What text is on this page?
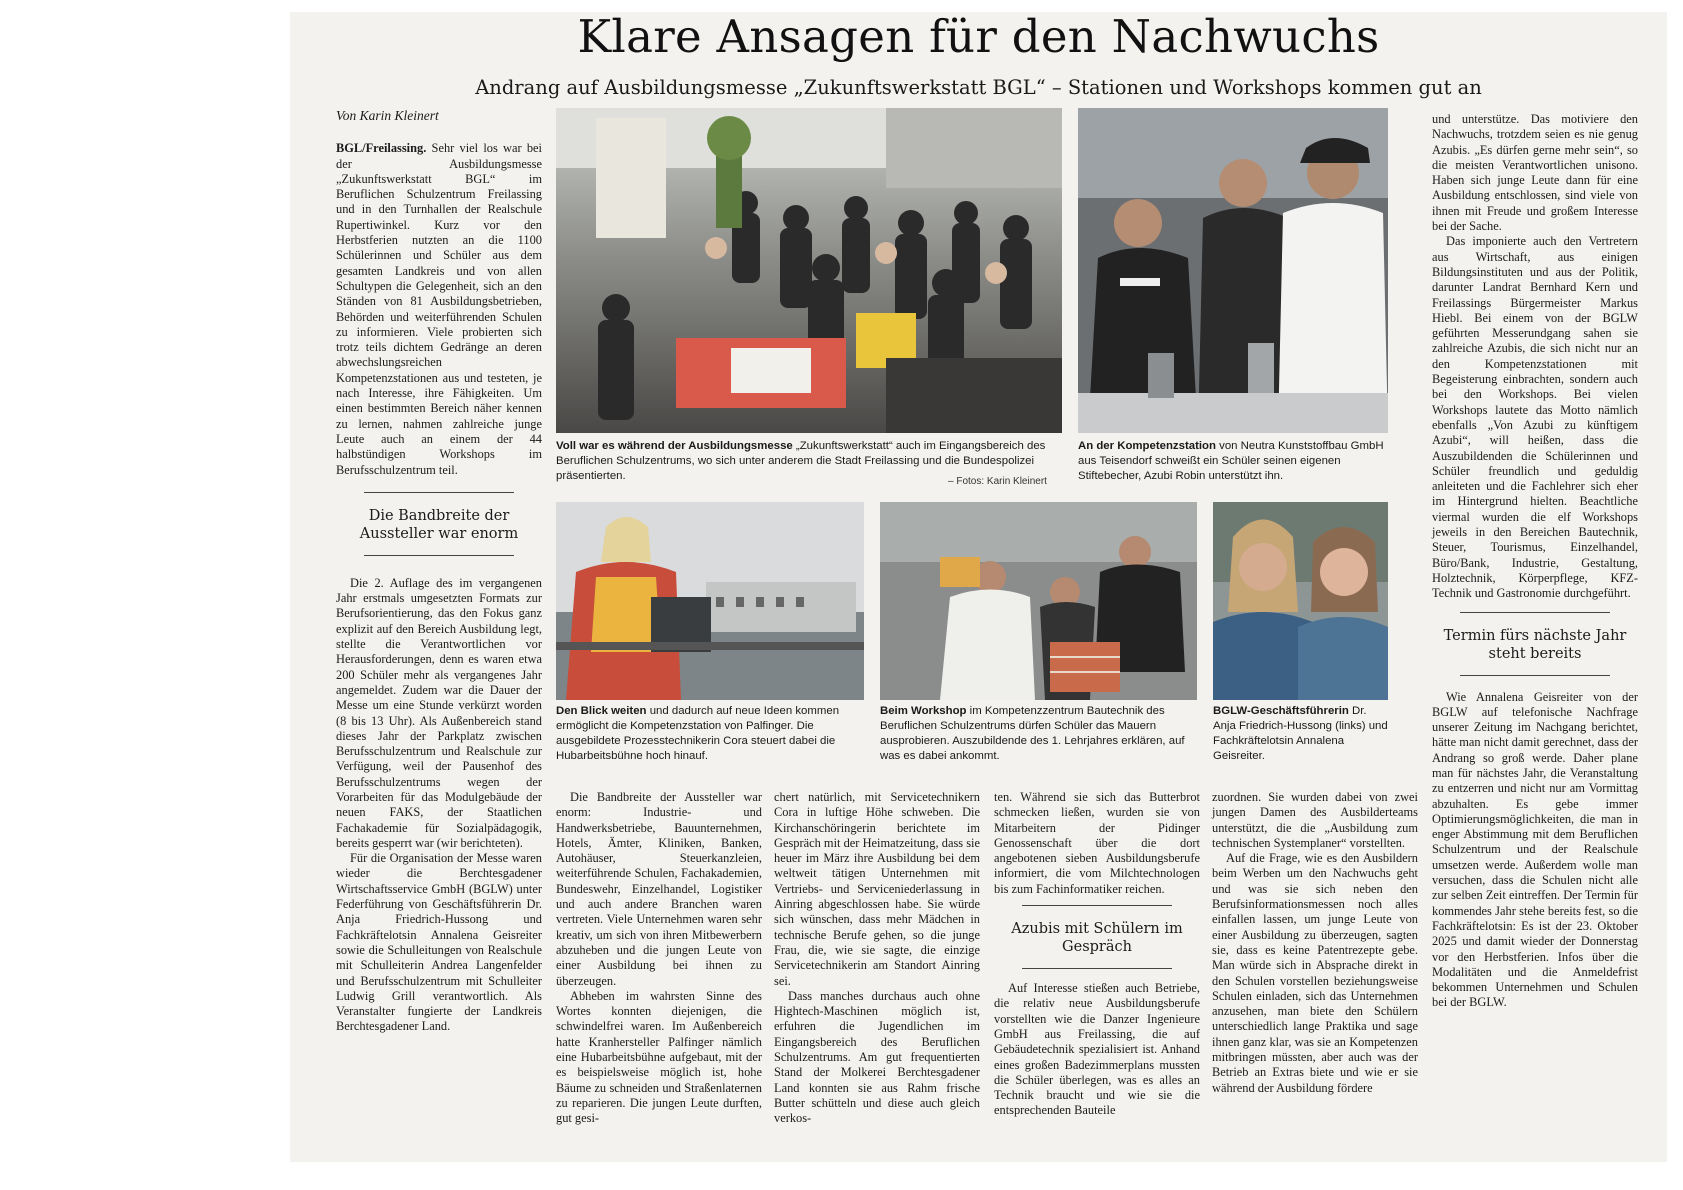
Klare Ansagen für den Nachwuchs
Andrang auf Ausbildungsmesse „Zukunftswerkstatt BGL“ – Stationen und Workshops kommen gut an
Von Karin Kleinert

BGL/Freilassing. Sehr viel los war bei der Ausbildungsmesse „Zukunftswerkstatt BGL“ im Beruflichen Schulzentrum Freilassing und in den Turnhallen der Realschule Rupertiwinkel. Kurz vor den Herbstferien nutzten an die 1100 Schülerinnen und Schüler aus dem gesamten Landkreis und von allen Schultypen die Gelegenheit, sich an den Ständen von 81 Ausbildungsbetrieben, Behörden und weiterführenden Schulen zu informieren. Viele probierten sich trotz teils dichtem Gedränge an deren abwechslungsreichen Kompetenzstationen aus und testeten, je nach Interesse, ihre Fähigkeiten. Um einen bestimmten Bereich näher kennen zu lernen, nahmen zahlreiche junge Leute auch an einem der 44 halbstündigen Workshops im Berufsschulzentrum teil.

Die Bandbreite der Aussteller war enorm

Die 2. Auflage des im vergangenen Jahr erstmals umgesetzten Formats zur Berufsorientierung, das den Fokus ganz explizit auf den Bereich Ausbildung legt, stellte die Verantwortlichen vor Herausforderungen, denn es waren etwa 200 Schüler mehr als vergangenes Jahr angemeldet. Zudem war die Dauer der Messe um eine Stunde verkürzt worden (8 bis 13 Uhr). Als Außenbereich stand dieses Jahr der Parkplatz zwischen Berufsschulzentrum und Realschule zur Verfügung, weil der Pausenhof des Berufsschulzentrums wegen der Vorarbeiten für das Modulgebäude der neuen FAKS, der Staatlichen Fachakademie für Sozialpädagogik, bereits gesperrt war (wir berichteten).

Für die Organisation der Messe waren wieder die Berchtesgadener Wirtschaftsservice GmbH (BGLW) unter Federführung von Geschäftsführerin Dr. Anja Friedrich-Hussong und Fachkräftelotsin Annalena Geisreiter sowie die Schulleitungen von Realschule mit Schulleiterin Andrea Langenfelder und Berufsschulzentrum mit Schulleiter Ludwig Grill verantwortlich. Als Veranstalter fungierte der Landkreis Berchtesgadener Land.

Voll war es während der Ausbildungsmesse „Zukunftswerkstatt“ auch im Eingangsbereich des Beruflichen Schulzentrums, wo sich unter anderem die Stadt Freilassing und die Bundespolizei präsentierten.	– Fotos: Karin Kleinert
An der Kompetenzstation von Neutra Kunststoffbau GmbH aus Teisendorf schweißt ein Schüler seinen eigenen Stiftebecher, Azubi Robin unterstützt ihn.
Den Blick weiten und dadurch auf neue Ideen kommen ermöglicht die Kompetenzstation von Palfinger. Die ausgebildete Prozesstechnikerin Cora steuert dabei die Hubarbeitsbühne hoch hinauf.
Beim Workshop im Kompetenzzentrum Bautechnik des Beruflichen Schulzentrums dürfen Schüler das Mauern ausprobieren. Auszubildende des 1. Lehrjahres erklären, auf was es dabei ankommt.
BGLW-Geschäftsführerin Dr. Anja Friedrich-Hussong (links) und Fachkräftelotsin Annalena Geisreiter.

Die Bandbreite der Aussteller war enorm: Industrie- und Handwerksbetriebe, Bauunternehmen, Hotels, Ämter, Kliniken, Banken, Autohäuser, Steuerkanzleien, weiterführende Schulen, Fachakademien, Bundeswehr, Einzelhandel, Logistiker und auch andere Branchen waren vertreten. Viele Unternehmen waren sehr kreativ, um sich von ihren Mitbewerbern abzuheben und die jungen Leute von einer Ausbildung bei ihnen zu überzeugen.

Abheben im wahrsten Sinne des Wortes konnten diejenigen, die schwindelfrei waren. Im Außenbereich hatte Kranhersteller Palfinger nämlich eine Hubarbeitsbühne aufgebaut, mit der es beispielsweise möglich ist, hohe Bäume zu schneiden und Straßenlaternen zu reparieren. Die jungen Leute durften, gut gesi-

chert natürlich, mit Servicetechnikern Cora in luftige Höhe schweben. Die Kirchanschöringerin berichtete im Gespräch mit der Heimatzeitung, dass sie heuer im März ihre Ausbildung bei dem weltweit tätigen Unternehmen mit Vertriebs- und Serviceniederlassung in Ainring abgeschlossen habe. Sie würde sich wünschen, dass mehr Mädchen in technische Berufe gehen, so die junge Frau, die, wie sie sagte, die einzige Servicetechnikerin am Standort Ainring sei.

Dass manches durchaus auch ohne Hightech-Maschinen möglich ist, erfuhren die Jugendlichen im Eingangsbereich des Beruflichen Schulzentrums. Am gut frequentierten Stand der Molkerei Berchtesgadener Land konnten sie aus Rahm frische Butter schütteln und diese auch gleich verkos-

ten. Während sie sich das Butterbrot schmecken ließen, wurden sie von Mitarbeitern der Pidinger Genossenschaft über die dort angebotenen sieben Ausbildungsberufe informiert, die vom Milchtechnologen bis zum Fachinformatiker reichen.

Azubis mit Schülern im Gespräch

Auf Interesse stießen auch Betriebe, die relativ neue Ausbildungsberufe vorstellten wie die Danzer Ingenieure GmbH aus Freilassing, die auf Gebäudetechnik spezialisiert ist. Anhand eines großen Badezimmerplans mussten die Schüler überlegen, was es alles an Technik braucht und wie sie die entsprechenden Bauteile

zuordnen. Sie wurden dabei von zwei jungen Damen des Ausbilderteams unterstützt, die die „Ausbildung zum technischen Systemplaner“ vorstellten.

Auf die Frage, wie es den Ausbildern beim Werben um den Nachwuchs geht und was sie sich neben den Berufsinformationsmessen noch alles einfallen lassen, um junge Leute von einer Ausbildung zu überzeugen, sagten sie, dass es keine Patentrezepte gebe. Man würde sich in Absprache direkt in den Schulen vorstellen beziehungsweise Schulen einladen, sich das Unternehmen anzusehen, man biete den Schülern unterschiedlich lange Praktika und sage ihnen ganz klar, was sie an Kompetenzen mitbringen müssten, aber auch was der Betrieb an Extras biete und wie er sie während der Ausbildung fördere

und unterstütze. Das motiviere den Nachwuchs, trotzdem seien es nie genug Azubis. „Es dürfen gerne mehr sein“, so die meisten Verantwortlichen unisono. Haben sich junge Leute dann für eine Ausbildung entschlossen, sind viele von ihnen mit Freude und großem Interesse bei der Sache.

Das imponierte auch den Vertretern aus Wirtschaft, aus einigen Bildungsinstituten und aus der Politik, darunter Landrat Bernhard Kern und Freilassings Bürgermeister Markus Hiebl. Bei einem von der BGLW geführten Messerundgang sahen sie zahlreiche Azubis, die sich nicht nur an den Kompetenzstationen mit Begeisterung einbrachten, sondern auch bei den Workshops. Bei vielen Workshops lautete das Motto nämlich ebenfalls „Von Azubi zu künftigem Azubi“, will heißen, dass die Auszubildenden die Schülerinnen und Schüler freundlich und geduldig anleiteten und die Fachlehrer sich eher im Hintergrund hielten. Beachtliche viermal wurden die elf Workshops jeweils in den Bereichen Bautechnik, Steuer, Tourismus, Einzelhandel, Büro/Bank, Industrie, Gestaltung, Holztechnik, Körperpflege, KFZ-Technik und Gastronomie durchgeführt.

Termin fürs nächste Jahr steht bereits

Wie Annalena Geisreiter von der BGLW auf telefonische Nachfrage unserer Zeitung im Nachgang berichtet, hätte man nicht damit gerechnet, dass der Andrang so groß werde. Daher plane man für nächstes Jahr, die Veranstaltung zu entzerren und nicht nur am Vormittag abzuhalten. Es gebe immer Optimierungsmöglichkeiten, die man in enger Abstimmung mit dem Beruflichen Schulzentrum und der Realschule umsetzen werde. Außerdem wolle man versuchen, dass die Schulen nicht alle zur selben Zeit eintreffen. Der Termin für kommendes Jahr stehe bereits fest, so die Fachkräftelotsin: Es ist der 23. Oktober 2025 und damit wieder der Donnerstag vor den Herbstferien. Infos über die Modalitäten und die Anmeldefrist bekommen Unternehmen und Schulen bei der BGLW.
